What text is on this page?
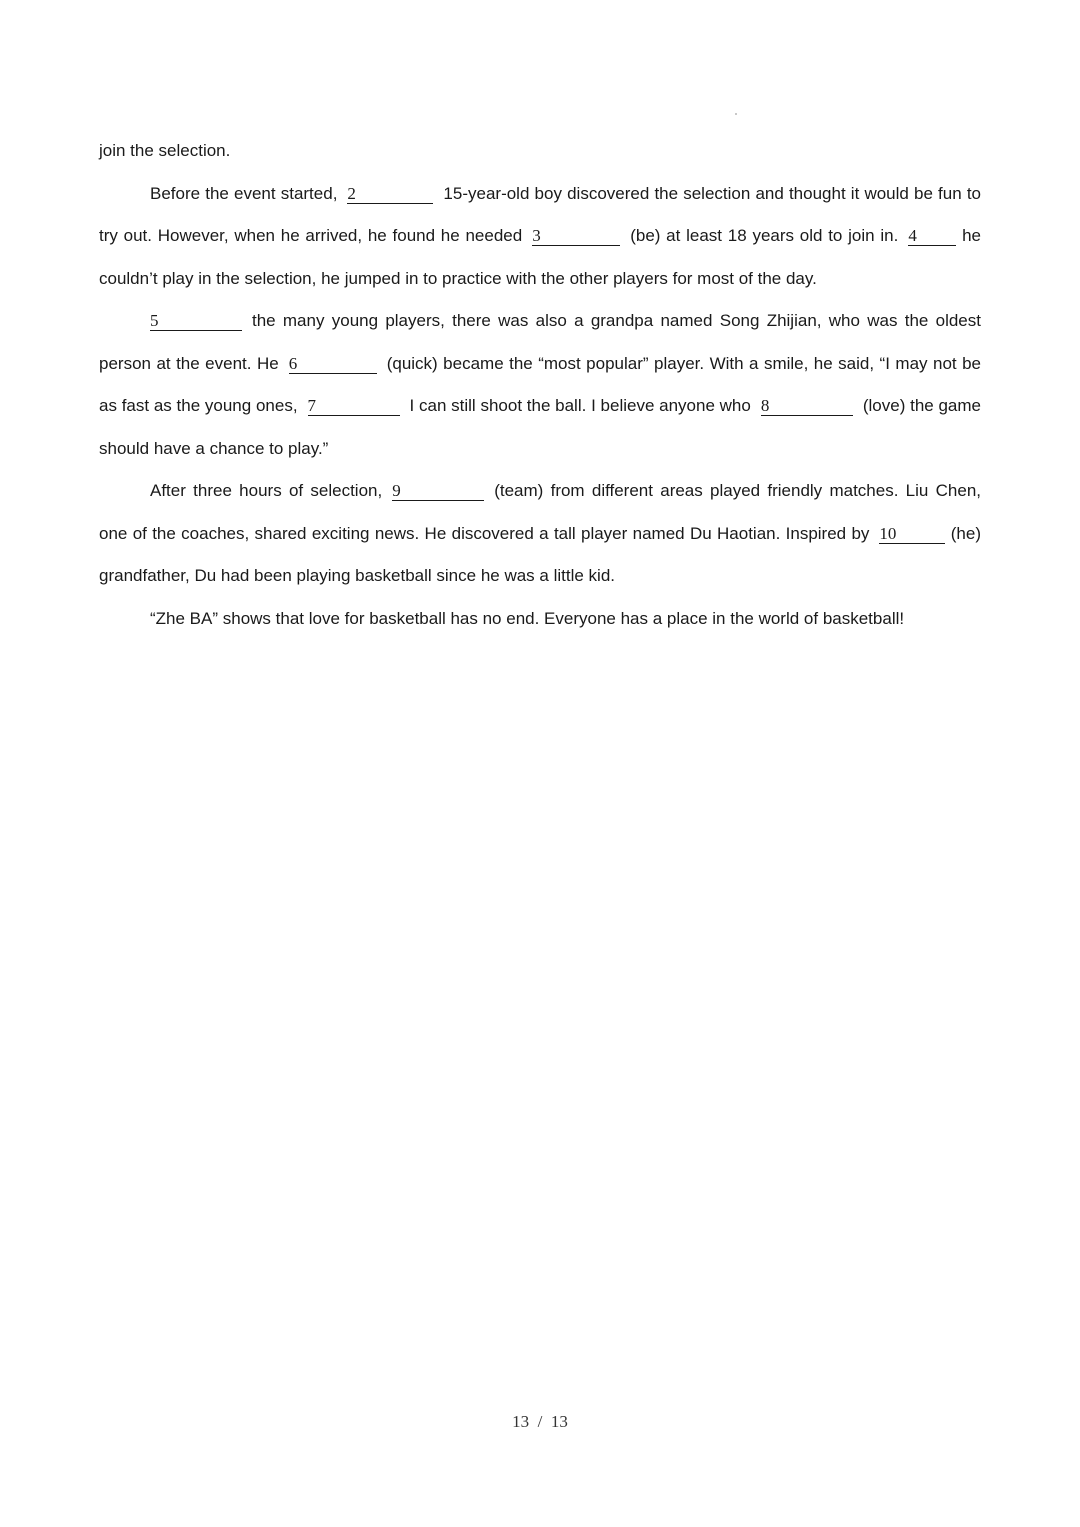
join the selection.

Before the event started, 2	15-year-old boy discovered the selection and thought it would be fun to try out. However, when he arrived, he found he needed 3	(be) at least 18 years old to join in. 4	he couldn’t play in the selection, he jumped in to practice with the other players for most of the day.

5	the many young players, there was also a grandpa named Song Zhijian, who was the oldest person at the event. He 6	(quick) became the “most popular” player. With a smile, he said, “I may not be as fast as the young ones, 7	I can still shoot the ball. I believe anyone who 8	(love) the game should have a chance to play.”

After three hours of selection, 9	(team) from different areas played friendly matches. Liu Chen, one of the coaches, shared exciting news. He discovered a tall player named Du Haotian. Inspired by 10	(he) grandfather, Du had been playing basketball since he was a little kid.

“Zhe BA” shows that love for basketball has no end. Everyone has a place in the world of basketball!

13 / 13
